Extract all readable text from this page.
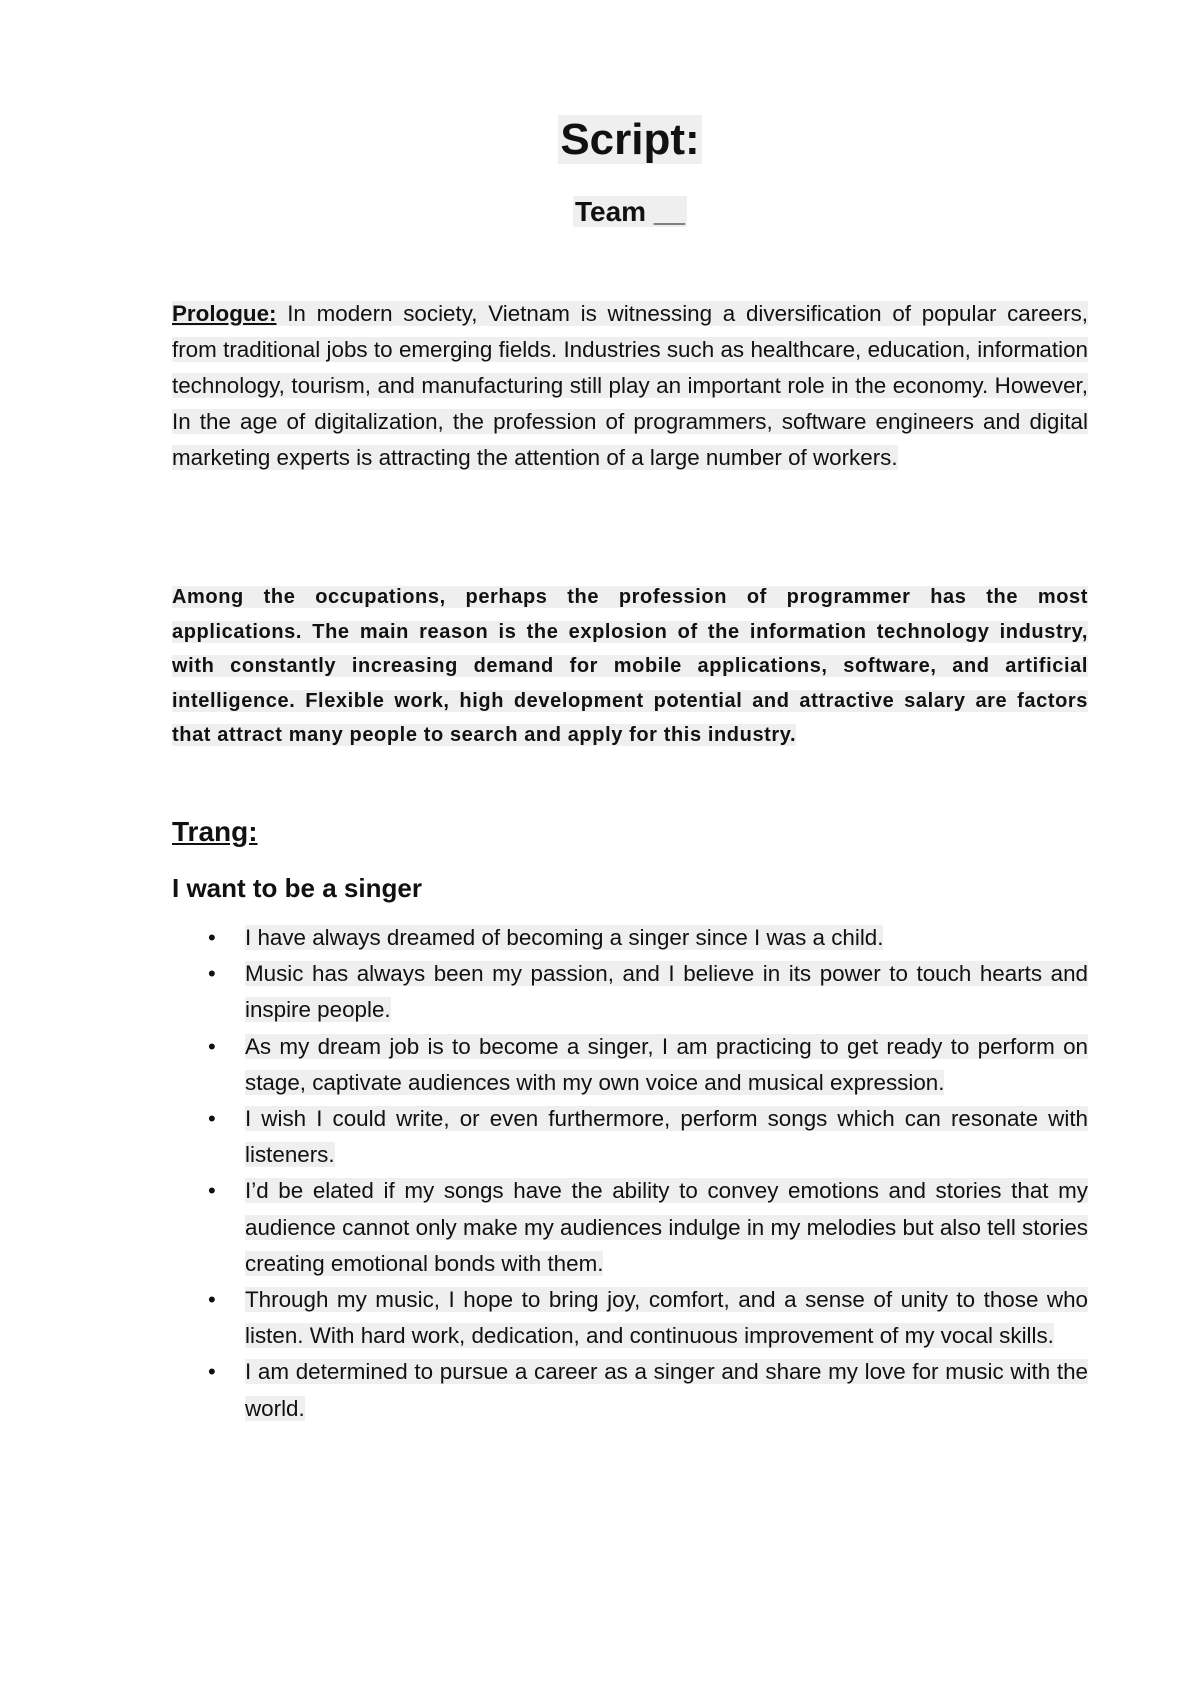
Script:
Team __

Prologue: In modern society, Vietnam is witnessing a diversification of popular careers, from traditional jobs to emerging fields. Industries such as healthcare, education, information technology, tourism, and manufacturing still play an important role in the economy. However, In the age of digitalization, the profession of programmers, software engineers and digital marketing experts is attracting the attention of a large number of workers.

Among the occupations, perhaps the profession of programmer has the most applications. The main reason is the explosion of the information technology industry, with constantly increasing demand for mobile applications, software, and artificial intelligence. Flexible work, high development potential and attractive salary are factors that attract many people to search and apply for this industry.

Trang:
I want to be a singer
• I have always dreamed of becoming a singer since I was a child.
• Music has always been my passion, and I believe in its power to touch hearts and inspire people.
• As my dream job is to become a singer, I am practicing to get ready to perform on stage, captivate audiences with my own voice and musical expression.
• I wish I could write, or even furthermore, perform songs which can resonate with listeners.
• I’d be elated if my songs have the ability to convey emotions and stories that my audience cannot only make my audiences indulge in my melodies but also tell stories creating emotional bonds with them.
• Through my music, I hope to bring joy, comfort, and a sense of unity to those who listen. With hard work, dedication, and continuous improvement of my vocal skills.
• I am determined to pursue a career as a singer and share my love for music with the world.
